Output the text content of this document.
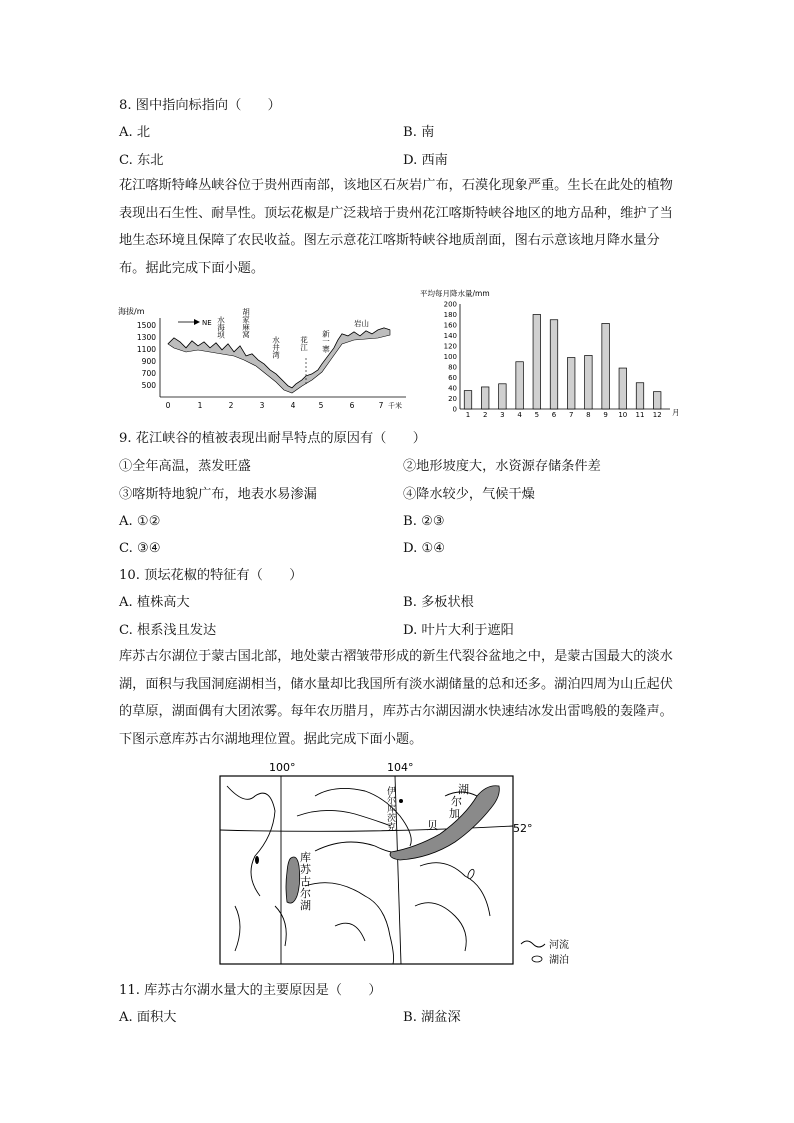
8. 图中指向标指向（　　）
A. 北	B. 南
C. 东北	D. 西南
花江喀斯特峰丛峡谷位于贵州西南部，该地区石灰岩广布，石漠化现象严重。生长在此处的植物表现出石生性、耐旱性。顶坛花椒是广泛栽培于贵州花江喀斯特峡谷地区的地方品种，维护了当地生态环境且保障了农民收益。图左示意花江喀斯特峡谷地质剖面，图右示意该地月降水量分布。据此完成下面小题。
海拔/m
1500
1300
1100
900
700
500
0	1	2	3	4	5	6	7 千米
NE 水海坝 胡家麻窝
水井湾	花江 新一寨
岩山
平均每月降水量/mm
0
20
40
60
80
100
120
140
160
180
200
1 2 3 4 5 6 7 8 9 10 11 12 月
9. 花江峡谷的植被表现出耐旱特点的原因有（　　）
①全年高温，蒸发旺盛	②地形坡度大，水资源存储条件差
③喀斯特地貌广布，地表水易渗漏	④降水较少，气候干燥
A. ①②	B. ②③
C. ③④	D. ①④
10. 顶坛花椒的特征有（　　）
A. 植株高大	B. 多板状根
C. 根系浅且发达	D. 叶片大利于遮阳
库苏古尔湖位于蒙古国北部，地处蒙古褶皱带形成的新生代裂谷盆地之中，是蒙古国最大的淡水湖，面积与我国洞庭湖相当，储水量却比我国所有淡水湖储量的总和还多。湖泊四周为山丘起伏的草原，湖面偶有大团浓雾。每年农历腊月，库苏古尔湖因湖水快速结冰发出雷鸣般的轰隆声。下图示意库苏古尔湖地理位置。据此完成下面小题。
100°	104°
52°
湖
尔
加
贝
伊尔库茨克
库
苏
古
尔
湖
河流
湖泊
11. 库苏古尔湖水量大的主要原因是（　　）
A. 面积大	B. 湖盆深
